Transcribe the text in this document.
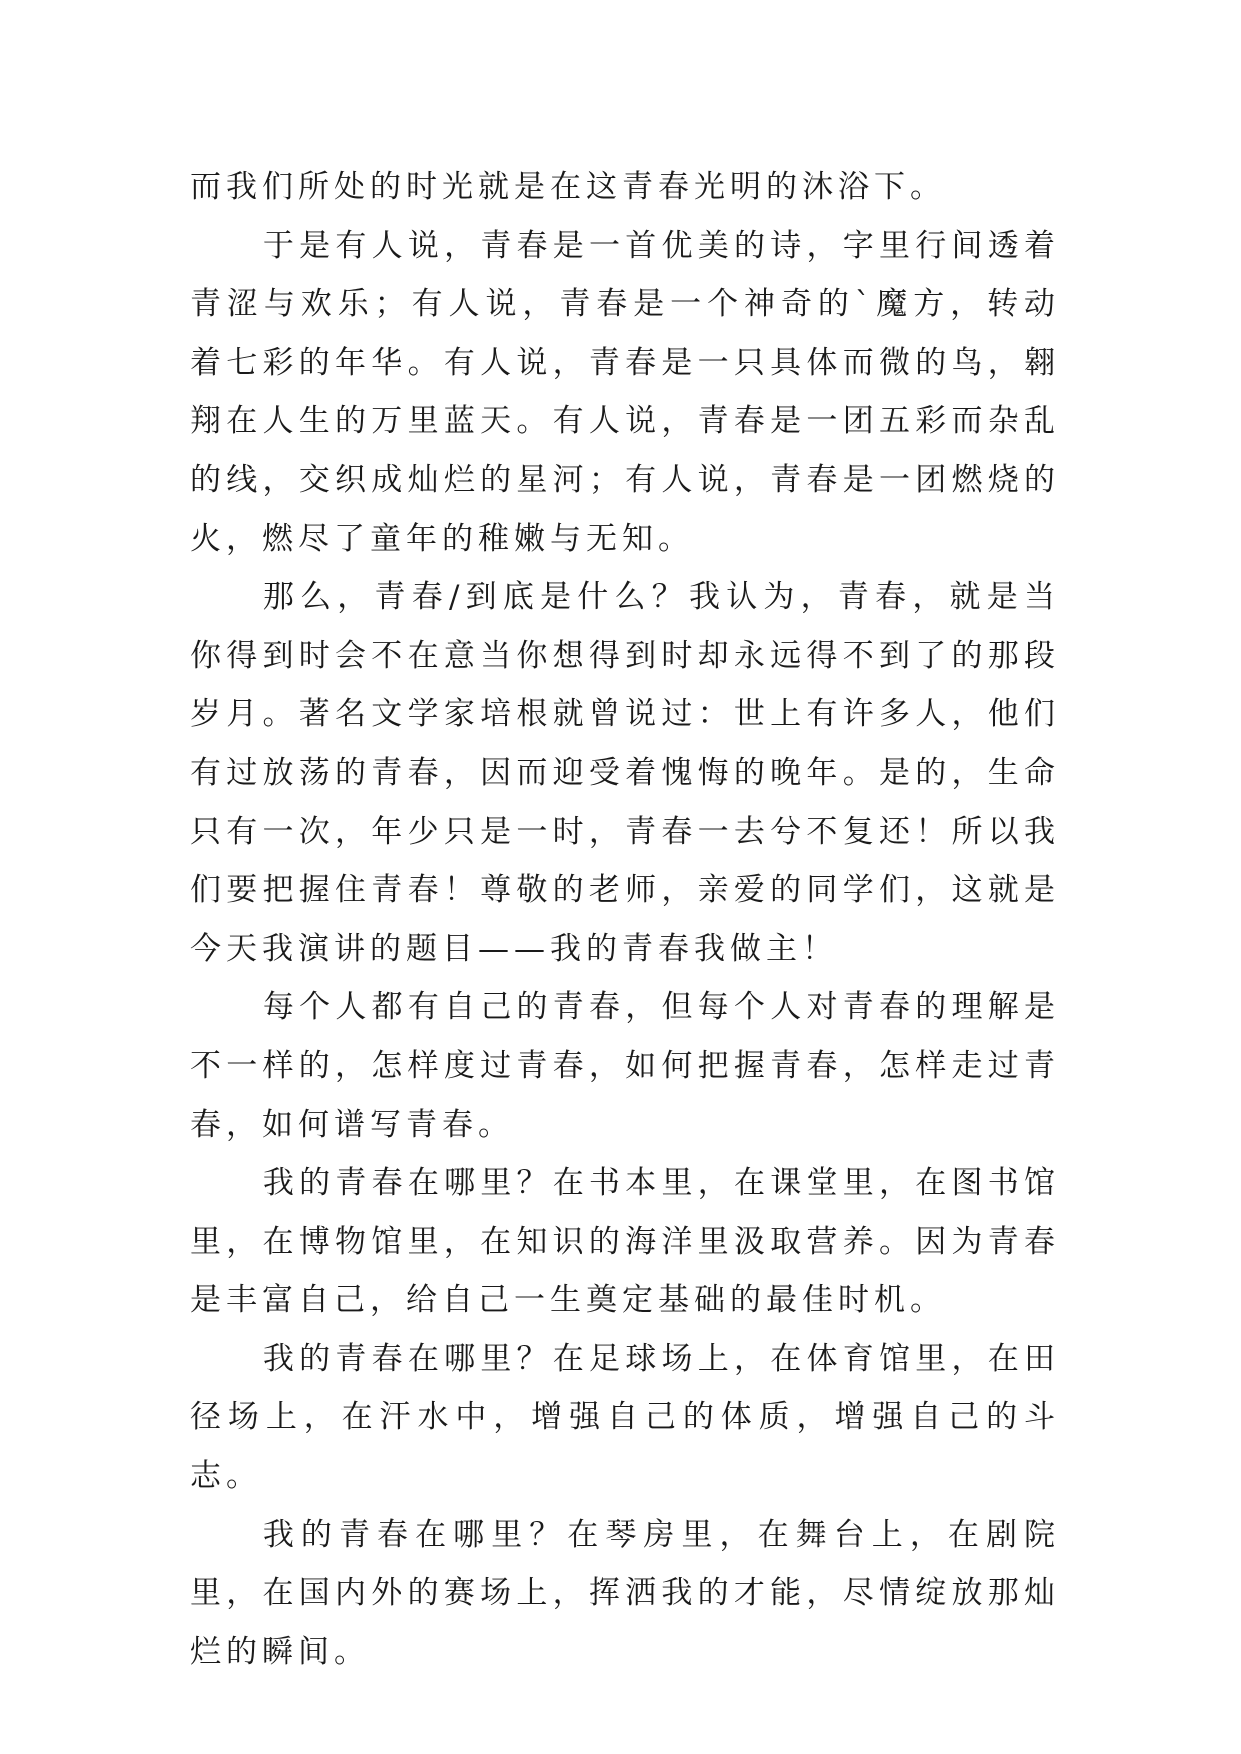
而我们所处的时光就是在这青春光明的沐浴下。

于是有人说，青春是一首优美的诗，字里行间透着青涩与欢乐；有人说，青春是一个神奇的`魔方，转动着七彩的年华。有人说，青春是一只具体而微的鸟，翱翔在人生的万里蓝天。有人说，青春是一团五彩而杂乱的线，交织成灿烂的星河；有人说，青春是一团燃烧的火，燃尽了童年的稚嫩与无知。

那么，青春/到底是什么？我认为，青春，就是当你得到时会不在意当你想得到时却永远得不到了的那段岁月。著名文学家培根就曾说过：世上有许多人，他们有过放荡的青春，因而迎受着愧悔的晚年。是的，生命只有一次，年少只是一时，青春一去兮不复还！所以我们要把握住青春！尊敬的老师，亲爱的同学们，这就是今天我演讲的题目——我的青春我做主！

每个人都有自己的青春，但每个人对青春的理解是不一样的，怎样度过青春，如何把握青春，怎样走过青春，如何谱写青春。

我的青春在哪里？在书本里，在课堂里，在图书馆里，在博物馆里，在知识的海洋里汲取营养。因为青春是丰富自己，给自己一生奠定基础的最佳时机。

我的青春在哪里？在足球场上，在体育馆里，在田径场上，在汗水中，增强自己的体质，增强自己的斗志。

我的青春在哪里？在琴房里，在舞台上，在剧院里，在国内外的赛场上，挥洒我的才能，尽情绽放那灿烂的瞬间。
